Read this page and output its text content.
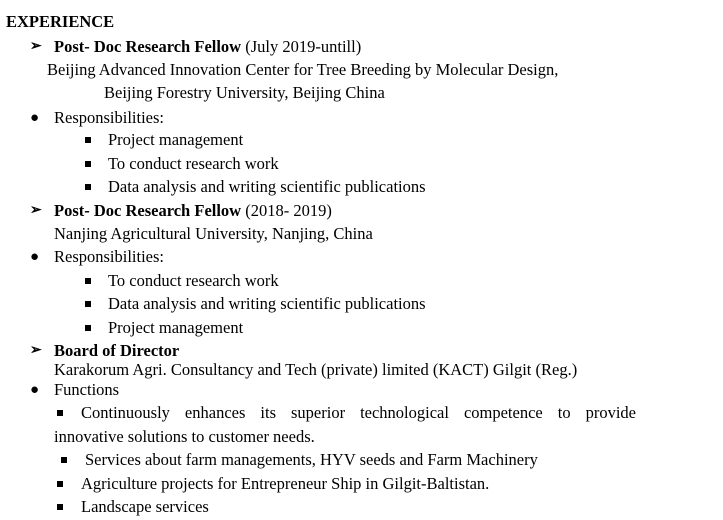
EXPERIENCE
➢ Post- Doc Research Fellow (July 2019-untill)
Beijing Advanced Innovation Center for Tree Breeding by Molecular Design,
Beijing Forestry University, Beijing China
● Responsibilities:
Project management
To conduct research work
Data analysis and writing scientific publications
➢ Post- Doc Research Fellow (2018- 2019)
Nanjing Agricultural University, Nanjing, China
● Responsibilities:
To conduct research work
Data analysis and writing scientific publications
Project management
➢ Board of Director
Karakorum Agri. Consultancy and Tech (private) limited (KACT) Gilgit (Reg.)
● Functions
Continuously enhances its superior technological competence to provide
innovative solutions to customer needs.
Services about farm managements, HYV seeds and Farm Machinery
Agriculture projects for Entrepreneur Ship in Gilgit-Baltistan.
Landscape services
